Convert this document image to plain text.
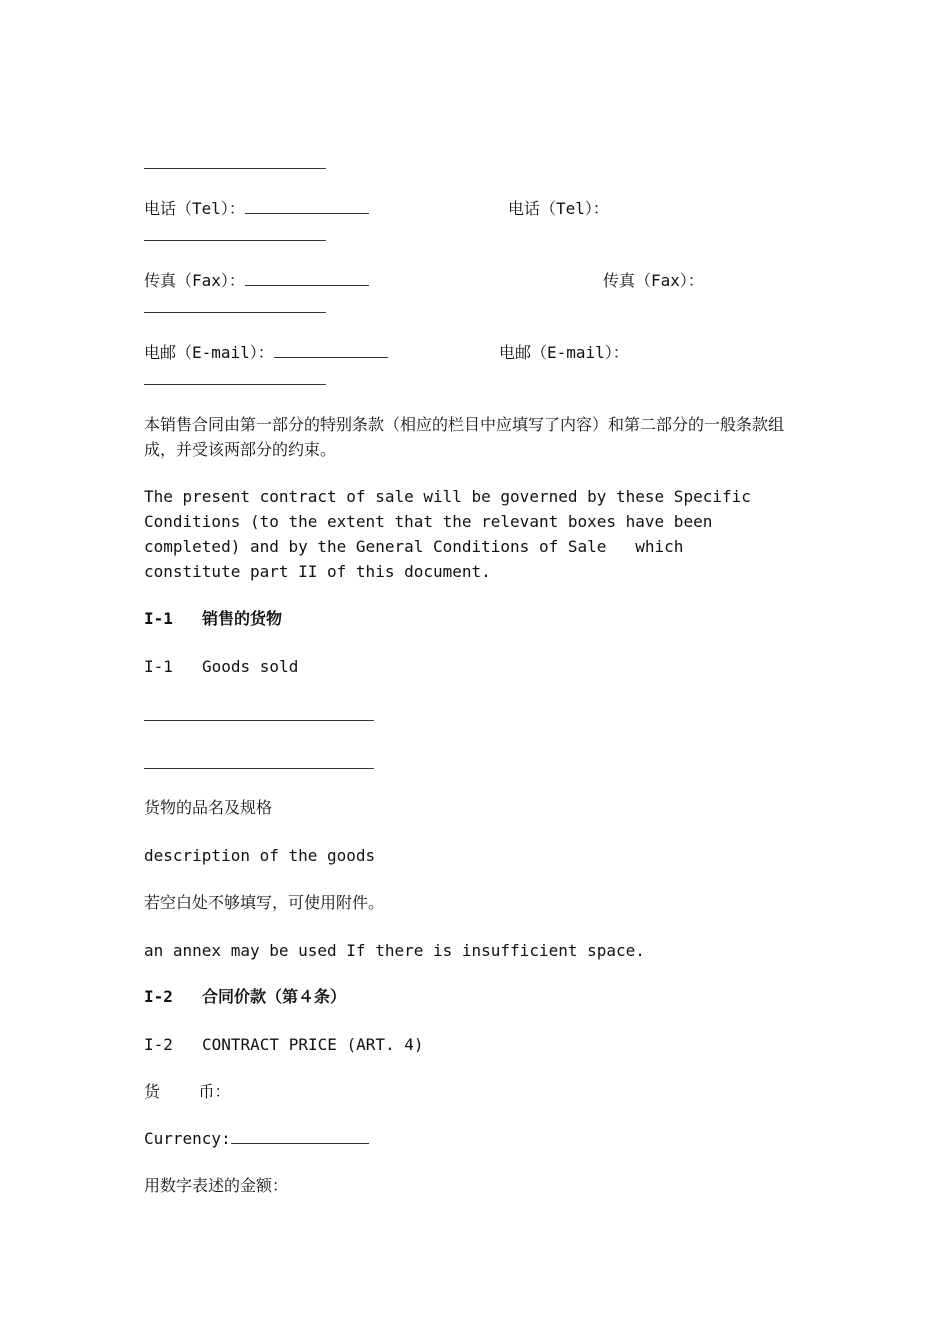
电话（Tel）：	电话（Tel）：
传真（Fax）：	传真（Fax）：
电邮（E-mail）：	电邮（E-mail）：
本销售合同由第一部分的特别条款（相应的栏目中应填写了内容）和第二部分的一般条款组成，并受该两部分的约束。
The present contract of sale will be governed by these Specific Conditions (to the extent that the relevant boxes have been completed) and by the General Conditions of Sale   which constitute part II of this document.
I-1 销售的货物
I-1 Goods sold
货物的品名及规格
description of the goods
若空白处不够填写，可使用附件。
an annex may be used If there is insufficient space.
I-2 合同价款（第４条）
I-2 CONTRACT PRICE (ART. 4)
货    币：
Currency:
用数字表述的金额：
